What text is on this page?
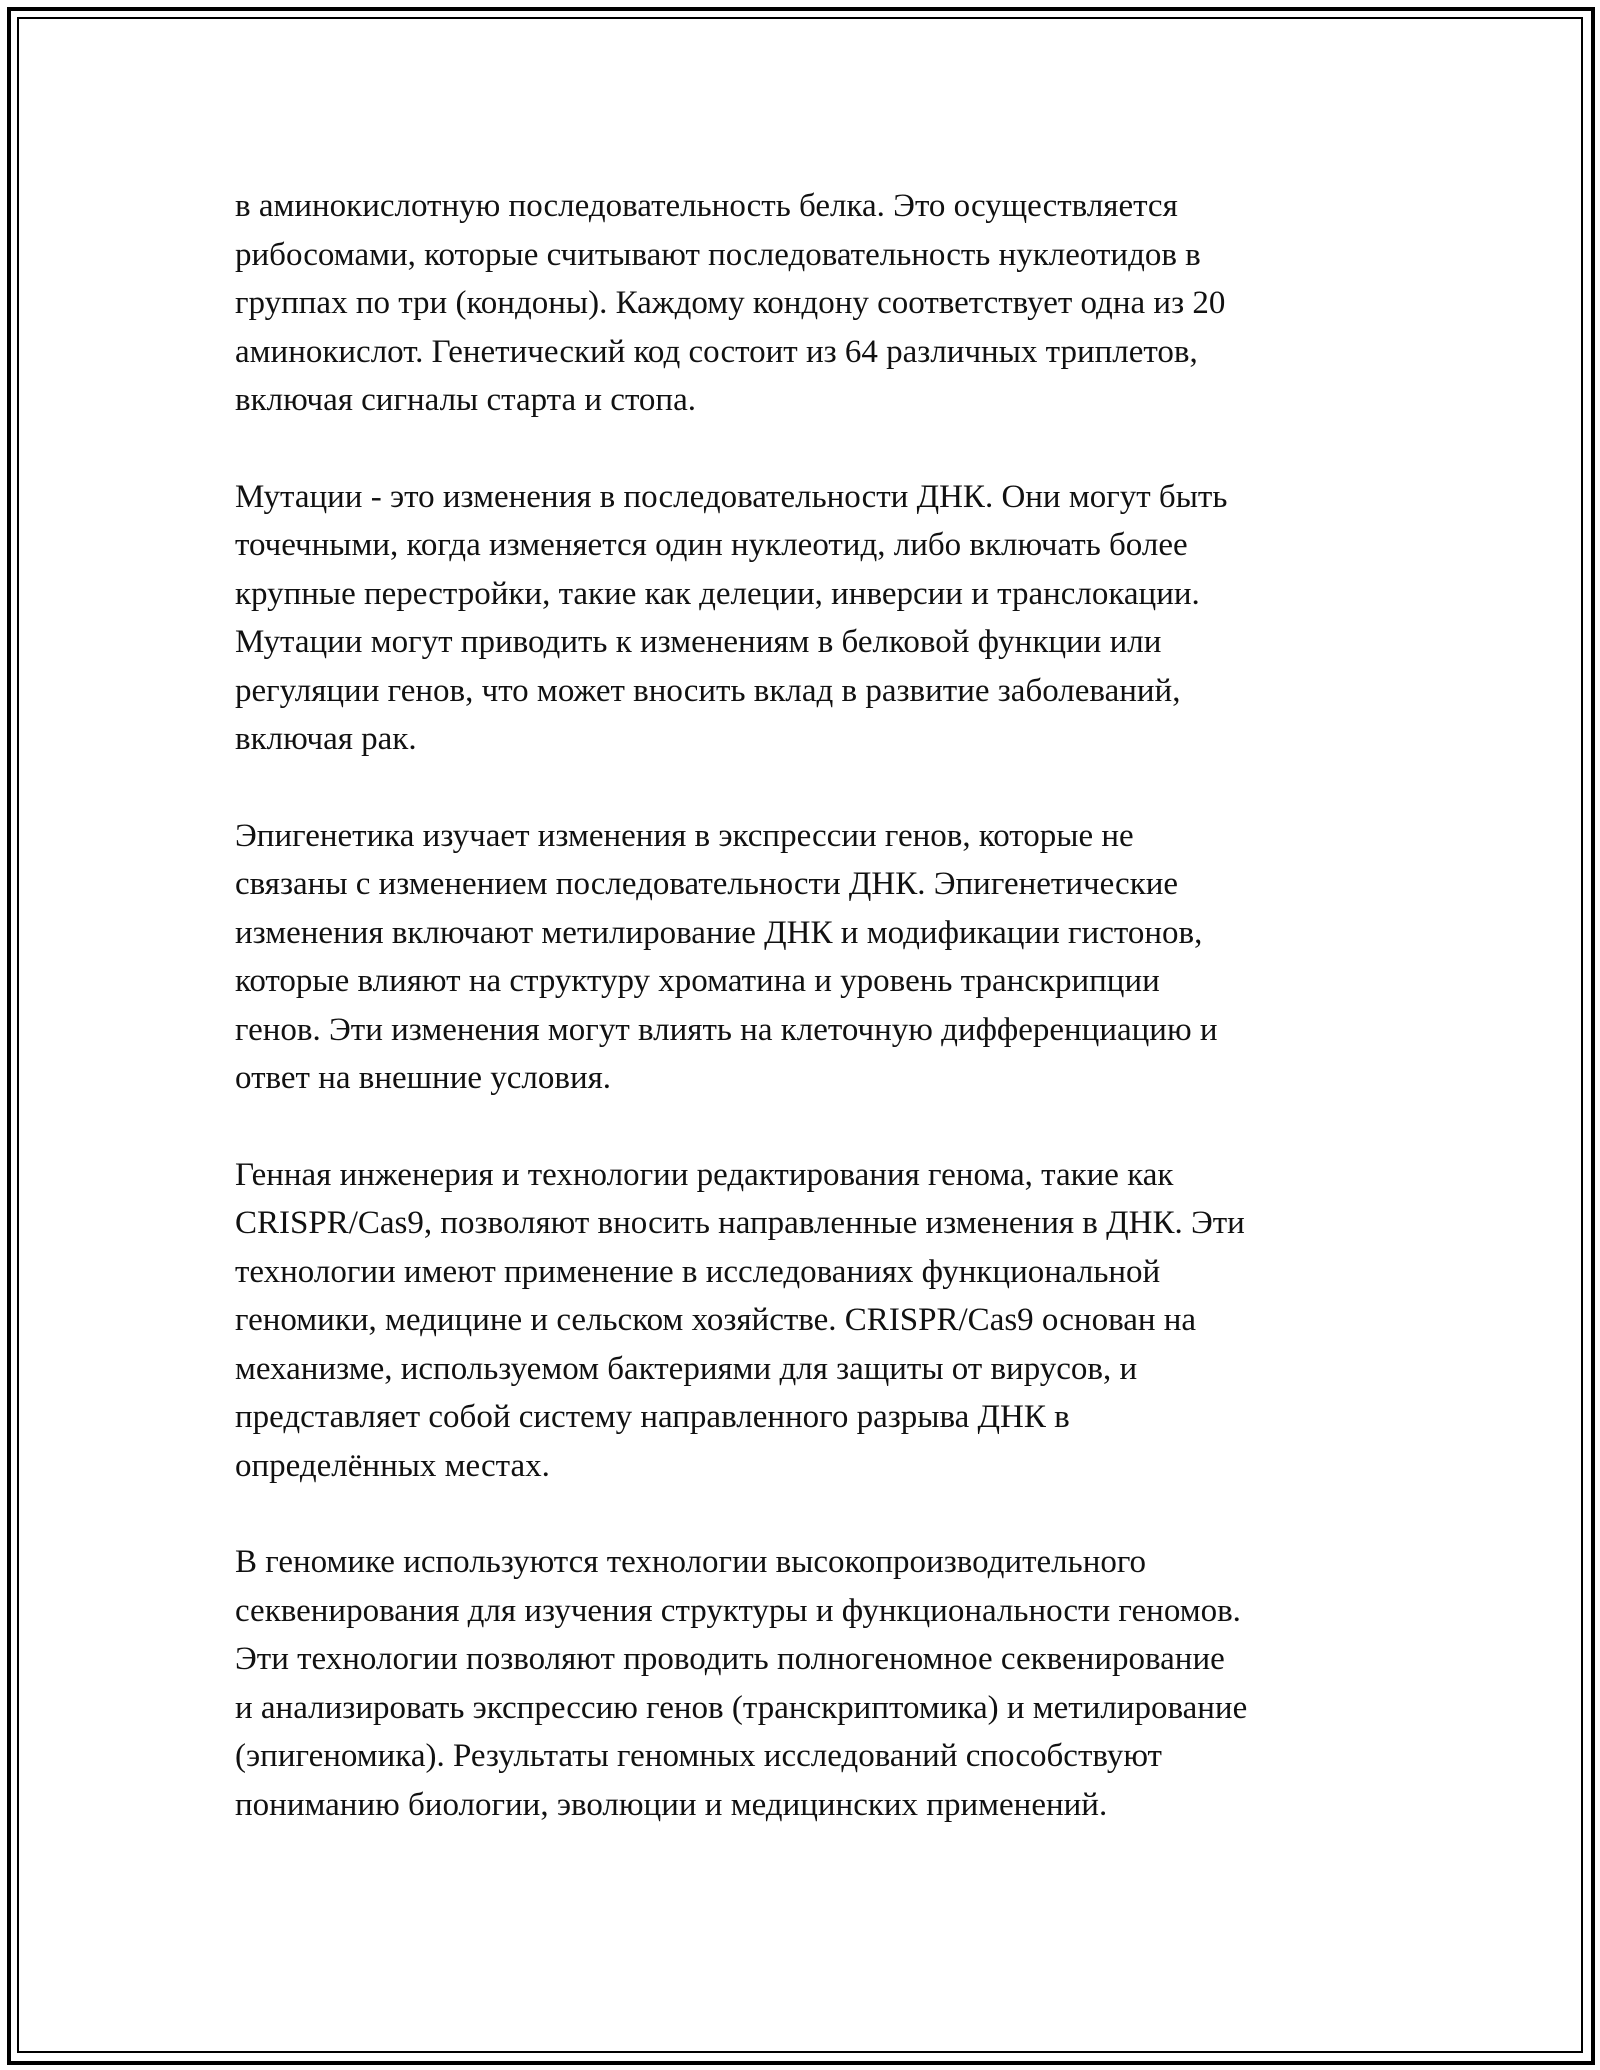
в аминокислотную последовательность белка. Это осуществляется
рибосомами, которые считывают последовательность нуклеотидов в
группах по три (кондоны). Каждому кондону соответствует одна из 20
аминокислот. Генетический код состоит из 64 различных триплетов,
включая сигналы старта и стопа.

Мутации - это изменения в последовательности ДНК. Они могут быть
точечными, когда изменяется один нуклеотид, либо включать более
крупные перестройки, такие как делеции, инверсии и транслокации.
Мутации могут приводить к изменениям в белковой функции или
регуляции генов, что может вносить вклад в развитие заболеваний,
включая рак.

Эпигенетика изучает изменения в экспрессии генов, которые не
связаны с изменением последовательности ДНК. Эпигенетические
изменения включают метилирование ДНК и модификации гистонов,
которые влияют на структуру хроматина и уровень транскрипции
генов. Эти изменения могут влиять на клеточную дифференциацию и
ответ на внешние условия.

Генная инженерия и технологии редактирования генома, такие как
CRISPR/Cas9, позволяют вносить направленные изменения в ДНК. Эти
технологии имеют применение в исследованиях функциональной
геномики, медицине и сельском хозяйстве. CRISPR/Cas9 основан на
механизме, используемом бактериями для защиты от вирусов, и
представляет собой систему направленного разрыва ДНК в
определённых местах.

В геномике используются технологии высокопроизводительного
секвенирования для изучения структуры и функциональности геномов.
Эти технологии позволяют проводить полногеномное секвенирование
и анализировать экспрессию генов (транскриптомика) и метилирование
(эпигеномика). Результаты геномных исследований способствуют
пониманию биологии, эволюции и медицинских применений.
